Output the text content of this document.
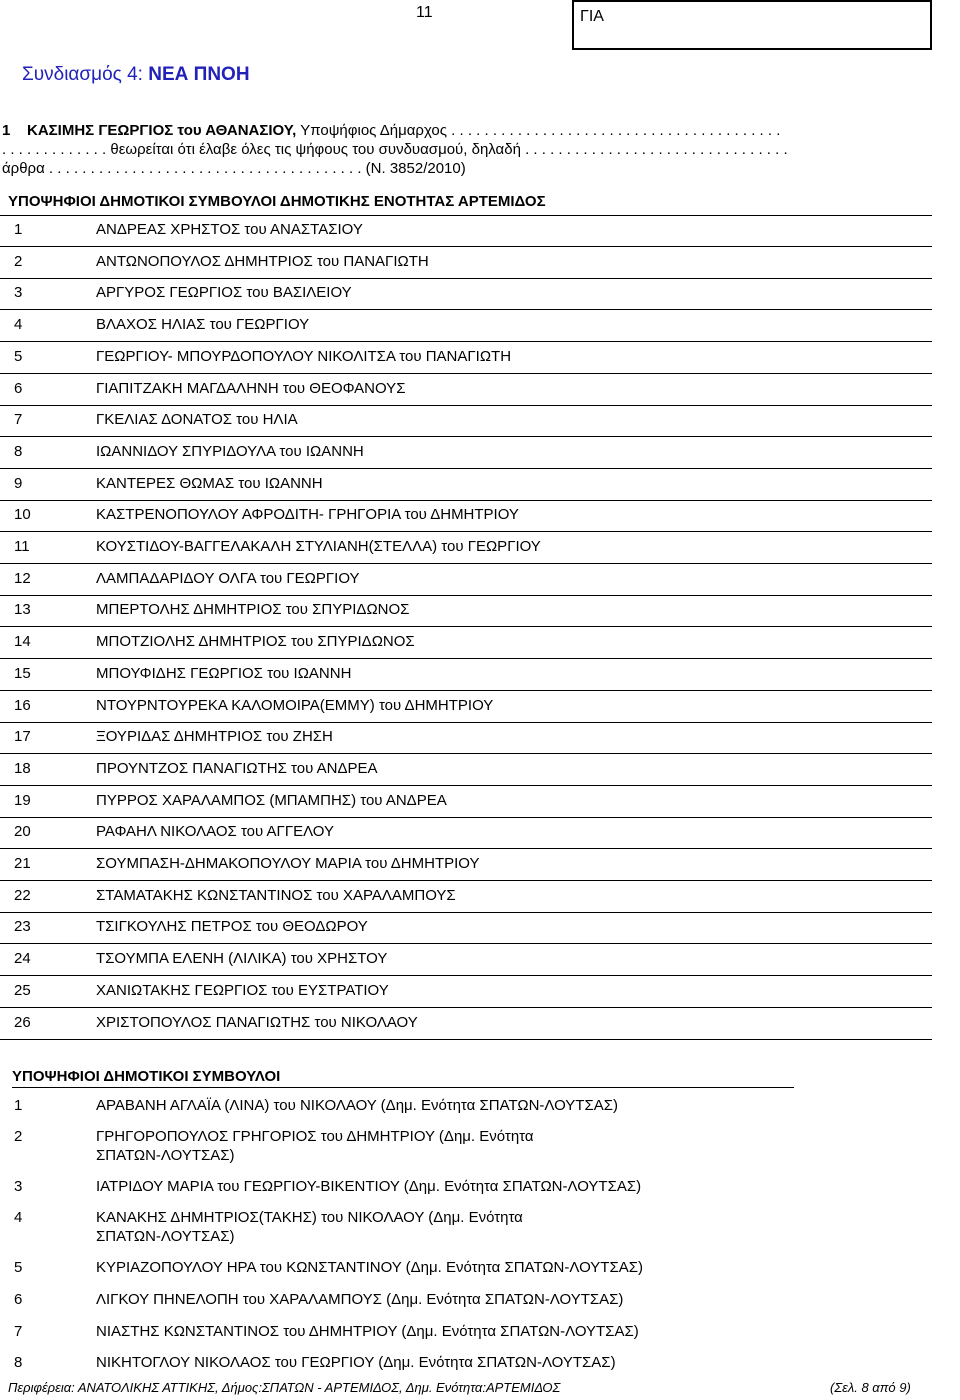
11	ΓΙΑ
Συνδιασμός 4: ΝΕΑ ΠΝΟΗ
1 ΚΑΣΙΜΗΣ ΓΕΩΡΓΙΟΣ του ΑΘΑΝΑΣΙΟΥ, Υποψήφιος Δήμαρχος . . . . . . . . . . . . . . . . . . . . . . . . . . . . . . . . . . . . . . . .
. . . . . . . . . . . . . θεωρείται ότι έλαβε όλες τις ψήφους του συνδυασμού, δηλαδή . . . . . . . . . . . . . . . . . . . . . . . . . . . . . . . .
άρθρα . . . . . . . . . . . . . . . . . . . . . . . . . . . . . . . . . . . . . . (Ν. 3852/2010)
ΥΠΟΨΗΦΙΟΙ ΔΗΜΟΤΙΚΟΙ ΣΥΜΒΟΥΛΟΙ ΔΗΜΟΤΙΚΗΣ ΕΝΟΤΗΤΑΣ ΑΡΤΕΜΙΔΟΣ
1	ΑΝΔΡΕΑΣ ΧΡΗΣΤΟΣ του ΑΝΑΣΤΑΣΙΟΥ
2	ΑΝΤΩΝΟΠΟΥΛΟΣ ΔΗΜΗΤΡΙΟΣ του ΠΑΝΑΓΙΩΤΗ
3	ΑΡΓΥΡΟΣ ΓΕΩΡΓΙΟΣ του ΒΑΣΙΛΕΙΟΥ
4	ΒΛΑΧΟΣ ΗΛΙΑΣ του ΓΕΩΡΓΙΟΥ
5	ΓΕΩΡΓΙΟΥ- ΜΠΟΥΡΔΟΠΟΥΛΟΥ ΝΙΚΟΛΙΤΣΑ του ΠΑΝΑΓΙΩΤΗ
6	ΓΙΑΠΙΤΖΑΚΗ ΜΑΓΔΑΛΗΝΗ του ΘΕΟΦΑΝΟΥΣ
7	ΓΚΕΛΙΑΣ ΔΟΝΑΤΟΣ του ΗΛΙΑ
8	ΙΩΑΝΝΙΔΟΥ ΣΠΥΡΙΔΟΥΛΑ του ΙΩΑΝΝΗ
9	ΚΑΝΤΕΡΕΣ ΘΩΜΑΣ του ΙΩΑΝΝΗ
10	ΚΑΣΤΡΕΝΟΠΟΥΛΟΥ ΑΦΡΟΔΙΤΗ- ΓΡΗΓΟΡΙΑ του ΔΗΜΗΤΡΙΟΥ
11	ΚΟΥΣΤΙΔΟΥ-ΒΑΓΓΕΛΑΚΑΛΗ ΣΤΥΛΙΑΝΗ(ΣΤΕΛΛΑ) του ΓΕΩΡΓΙΟΥ
12	ΛΑΜΠΑΔΑΡΙΔΟΥ ΟΛΓΑ του ΓΕΩΡΓΙΟΥ
13	ΜΠΕΡΤΟΛΗΣ ΔΗΜΗΤΡΙΟΣ του ΣΠΥΡΙΔΩΝΟΣ
14	ΜΠΟΤΖΙΟΛΗΣ ΔΗΜΗΤΡΙΟΣ του ΣΠΥΡΙΔΩΝΟΣ
15	ΜΠΟΥΦΙΔΗΣ ΓΕΩΡΓΙΟΣ του ΙΩΑΝΝΗ
16	ΝΤΟΥΡΝΤΟΥΡΕΚΑ ΚΑΛΟΜΟΙΡΑ(ΕΜΜΥ) του ΔΗΜΗΤΡΙΟΥ
17	ΞΟΥΡΙΔΑΣ ΔΗΜΗΤΡΙΟΣ του ΖΗΣΗ
18	ΠΡΟΥΝΤΖΟΣ ΠΑΝΑΓΙΩΤΗΣ του ΑΝΔΡΕΑ
19	ΠΥΡΡΟΣ ΧΑΡΑΛΑΜΠΟΣ (ΜΠΑΜΠΗΣ) του ΑΝΔΡΕΑ
20	ΡΑΦΑΗΛ ΝΙΚΟΛΑΟΣ του ΑΓΓΕΛΟΥ
21	ΣΟΥΜΠΑΣΗ-ΔΗΜΑΚΟΠΟΥΛΟΥ ΜΑΡΙΑ του ΔΗΜΗΤΡΙΟΥ
22	ΣΤΑΜΑΤΑΚΗΣ ΚΩΝΣΤΑΝΤΙΝΟΣ του ΧΑΡΑΛΑΜΠΟΥΣ
23	ΤΣΙΓΚΟΥΛΗΣ ΠΕΤΡΟΣ του ΘΕΟΔΩΡΟΥ
24	ΤΣΟΥΜΠΑ ΕΛΕΝΗ (ΛΙΛΙΚΑ) του ΧΡΗΣΤΟΥ
25	ΧΑΝΙΩΤΑΚΗΣ ΓΕΩΡΓΙΟΣ του ΕΥΣΤΡΑΤΙΟΥ
26	ΧΡΙΣΤΟΠΟΥΛΟΣ ΠΑΝΑΓΙΩΤΗΣ του ΝΙΚΟΛΑΟΥ
ΥΠΟΨΗΦΙΟΙ ΔΗΜΟΤΙΚΟΙ ΣΥΜΒΟΥΛΟΙ
1	ΑΡΑΒΑΝΗ ΑΓΛΑΪΑ (ΛΙΝΑ) του ΝΙΚΟΛΑΟΥ (Δημ. Ενότητα ΣΠΑΤΩΝ-ΛΟΥΤΣΑΣ)
2	ΓΡΗΓΟΡΟΠΟΥΛΟΣ ΓΡΗΓΟΡΙΟΣ του ΔΗΜΗΤΡΙΟΥ (Δημ. Ενότητα
ΣΠΑΤΩΝ-ΛΟΥΤΣΑΣ)
3	ΙΑΤΡΙΔΟΥ ΜΑΡΙΑ του ΓΕΩΡΓΙΟΥ-ΒΙΚΕΝΤΙΟΥ (Δημ. Ενότητα ΣΠΑΤΩΝ-ΛΟΥΤΣΑΣ)
4	ΚΑΝΑΚΗΣ ΔΗΜΗΤΡΙΟΣ(ΤΑΚΗΣ) του ΝΙΚΟΛΑΟΥ (Δημ. Ενότητα
ΣΠΑΤΩΝ-ΛΟΥΤΣΑΣ)
5	ΚΥΡΙΑΖΟΠΟΥΛΟΥ ΗΡΑ του ΚΩΝΣΤΑΝΤΙΝΟΥ (Δημ. Ενότητα ΣΠΑΤΩΝ-ΛΟΥΤΣΑΣ)
6	ΛΙΓΚΟΥ ΠΗΝΕΛΟΠΗ του ΧΑΡΑΛΑΜΠΟΥΣ (Δημ. Ενότητα ΣΠΑΤΩΝ-ΛΟΥΤΣΑΣ)
7	ΝΙΑΣΤΗΣ ΚΩΝΣΤΑΝΤΙΝΟΣ του ΔΗΜΗΤΡΙΟΥ (Δημ. Ενότητα ΣΠΑΤΩΝ-ΛΟΥΤΣΑΣ)
8	ΝΙΚΗΤΟΓΛΟΥ ΝΙΚΟΛΑΟΣ του ΓΕΩΡΓΙΟΥ (Δημ. Ενότητα ΣΠΑΤΩΝ-ΛΟΥΤΣΑΣ)
Περιφέρεια: ΑΝΑΤΟΛΙΚΗΣ ΑΤΤΙΚΗΣ, Δήμος:ΣΠΑΤΩΝ - ΑΡΤΕΜΙΔΟΣ, Δημ. Ενότητα:ΑΡΤΕΜΙΔΟΣ	(Σελ. 8 από 9)
